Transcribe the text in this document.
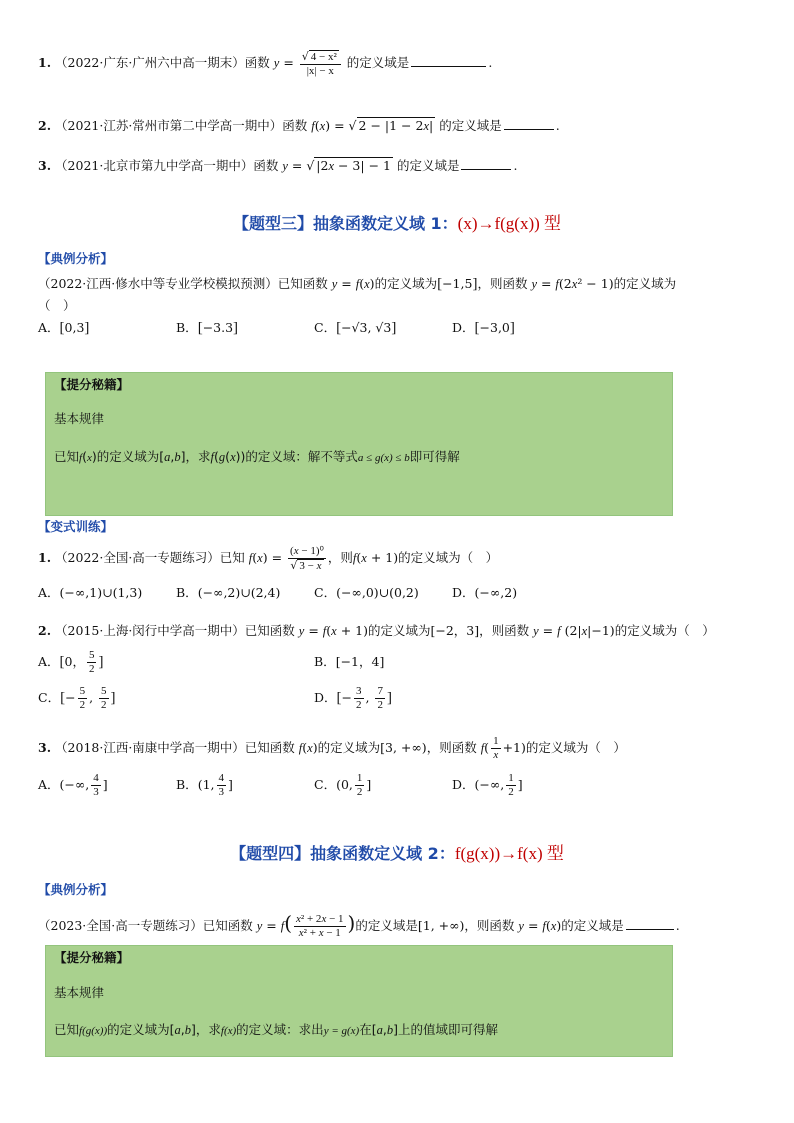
1. （2022·广东·广州六中高一期末）函数 $y = \frac{\text{√ 4 − x²}}{|x| - x}$ 的定义域是	.
2. （2021·江苏·常州市第二中学高一期中）函数 f(x) = √ 2 − |1 − 2x| 的定义域是	.
3. （2021·北京市第九中学高一期中）函数 y = √ |2x − 3| − 1 的定义域是	.
【题型三】抽象函数定义域 1：(x)→f(g(x)) 型
【典例分析】
（2022·江西·修水中等专业学校模拟预测）已知函数 y = f(x)的定义域为[−1,5]，则函数 y = f(2x² − 1)的定义域为
（　）
A．[0,3]	B．[−3.3]	C．[−√3, √3]	D．[−3,0]
【提分秘籍】
基本规律
已知f(x)的定义域为[a,b]，求f(g(x))的定义域：解不等式a ≤ g(x) ≤ b即可得解
【变式训练】
1. （2022·全国·高一专题练习）已知 $f(x) = \frac{\text{(x − 1)⁰}}{√ 3 - x}$ ，则f(x + 1)的定义域为（　）
A．(−∞,1)∪(1,3)	B．(−∞,2)∪(2,4)	C．(−∞,0)∪(0,2)	D．(−∞,2)
2. （2015·上海·闵行中学高一期中）已知函数 y = f(x + 1)的定义域为[−2，3]，则函数 y = f (2|x|−1)的定义域为（　）
A．[0， $\frac{5}{2}$ ]	B．[−1，4]
C．[− $\frac{5}{2}$ , $\frac{5}{2}$ ]	D．[− $\frac{3}{2}$ , $\frac{7}{2}$ ]
3. （2018·江西·南康中学高一期中）已知函数 f(x)的定义域为[3, +∞)，则函数 $f( \frac{1}{x} +1)$的定义域为（　）
A．(−∞, $\frac{4}{3}$ ]	B．(1, $\frac{4}{3}$ ]	C．(0, $\frac{1}{2}$ ]	D．(−∞, $\frac{1}{2}$ ]
【题型四】抽象函数定义域 2：f(g(x))→f(x) 型
【典例分析】
（2023·全国·高一专题练习）已知函数 $y = f( \frac{\text{x² + 2x − 1}}{\text{x² + x − 1}}$ )的定义域是[1, +∞)，则函数 y = f(x)的定义域是	.
【提分秘籍】
基本规律
已知f(g(x))的定义域为[a,b]，求f(x)的定义域：求出y = g(x)在[a,b]上的值域即可得解
